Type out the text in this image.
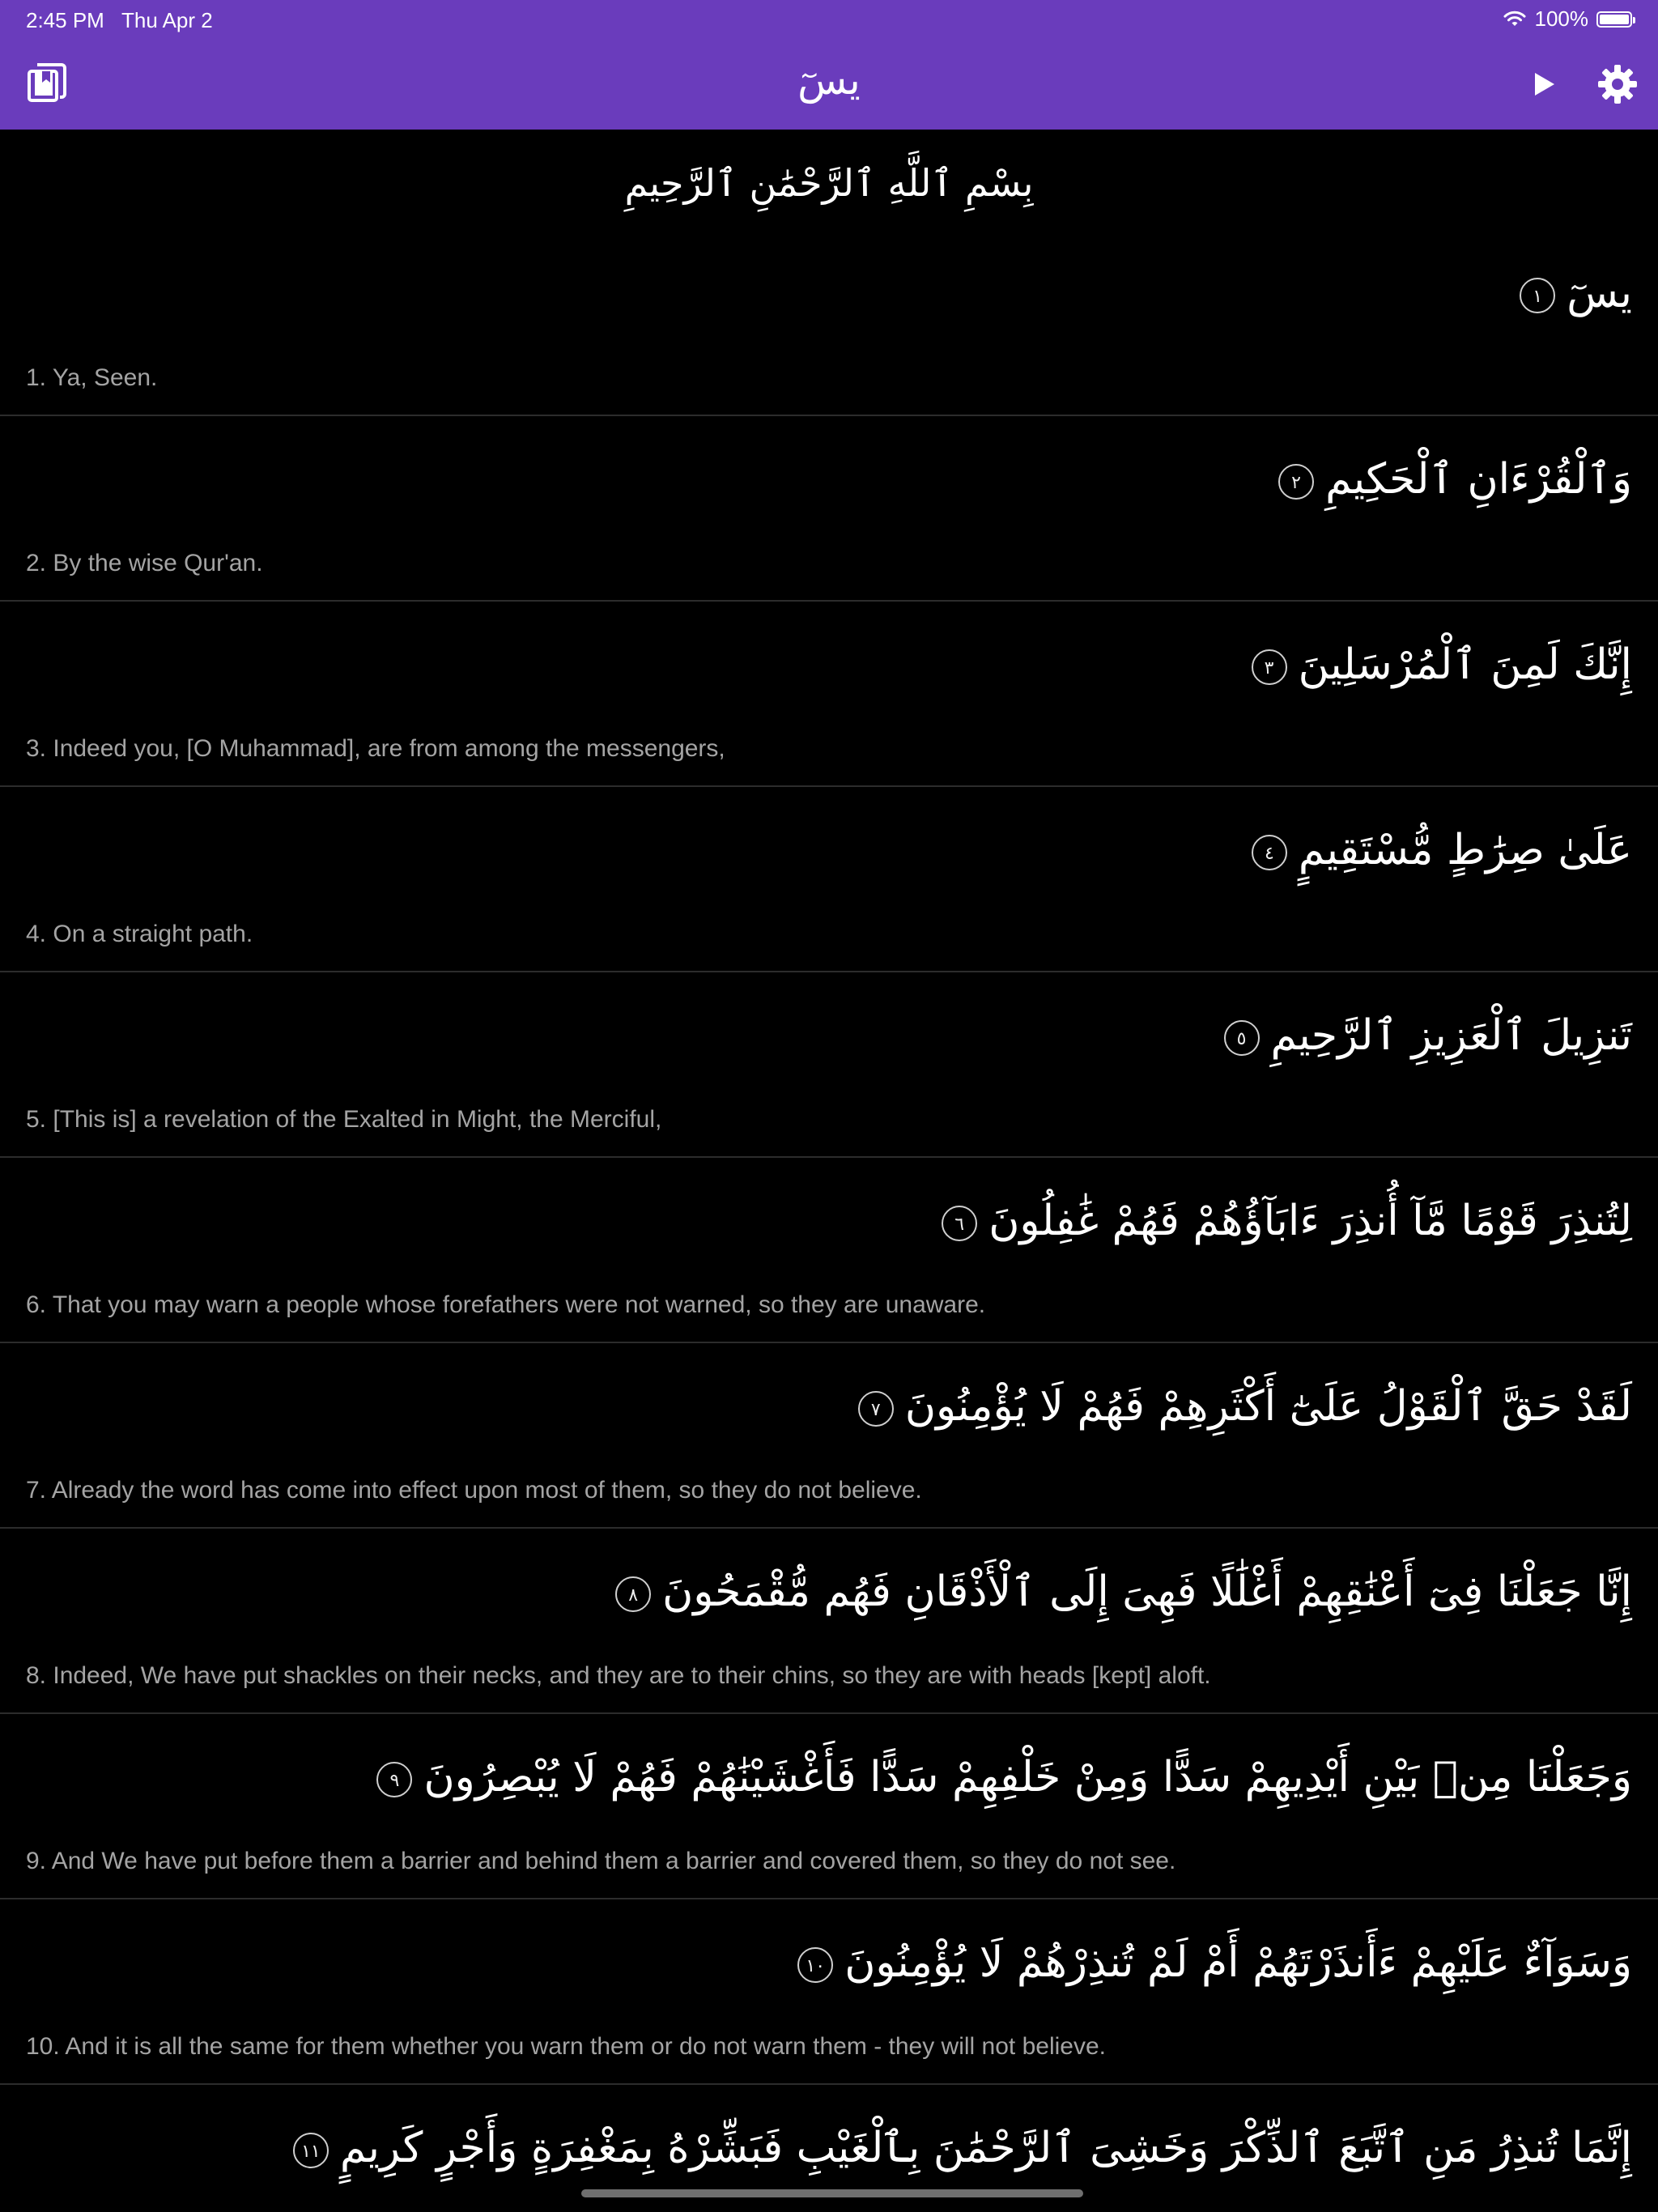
2:45 PM Thu Apr 2	100%
يسٓ
بِسْمِ ٱللَّهِ ٱلرَّحْمَٰنِ ٱلرَّحِيمِ
يسٓ١
1. Ya, Seen.
وَٱلْقُرْءَانِ ٱلْحَكِيمِ٢
2. By the wise Qur'an.
إِنَّكَ لَمِنَ ٱلْمُرْسَلِينَ٣
3. Indeed you, [O Muhammad], are from among the messengers,
عَلَىٰ صِرَٰطٍ مُّسْتَقِيمٍ٤
4. On a straight path.
تَنزِيلَ ٱلْعَزِيزِ ٱلرَّحِيمِ٥
5. [This is] a revelation of the Exalted in Might, the Merciful,
لِتُنذِرَ قَوْمًا مَّآ أُنذِرَ ءَابَآؤُهُمْ فَهُمْ غَٰفِلُونَ٦
6. That you may warn a people whose forefathers were not warned, so they are unaware.
لَقَدْ حَقَّ ٱلْقَوْلُ عَلَىٰٓ أَكْثَرِهِمْ فَهُمْ لَا يُؤْمِنُونَ٧
7. Already the word has come into effect upon most of them, so they do not believe.
إِنَّا جَعَلْنَا فِىٓ أَعْنَٰقِهِمْ أَغْلَٰلًا فَهِىَ إِلَى ٱلْأَذْقَانِ فَهُم مُّقْمَحُونَ٨
8. Indeed, We have put shackles on their necks, and they are to their chins, so they are with heads [kept] aloft.
وَجَعَلْنَا مِنۢ بَيْنِ أَيْدِيهِمْ سَدًّا وَمِنْ خَلْفِهِمْ سَدًّا فَأَغْشَيْنَٰهُمْ فَهُمْ لَا يُبْصِرُونَ٩
9. And We have put before them a barrier and behind them a barrier and covered them, so they do not see.
وَسَوَآءٌ عَلَيْهِمْ ءَأَنذَرْتَهُمْ أَمْ لَمْ تُنذِرْهُمْ لَا يُؤْمِنُونَ١٠
10. And it is all the same for them whether you warn them or do not warn them - they will not believe.
إِنَّمَا تُنذِرُ مَنِ ٱتَّبَعَ ٱلذِّكْرَ وَخَشِىَ ٱلرَّحْمَٰنَ بِٱلْغَيْبِ فَبَشِّرْهُ بِمَغْفِرَةٍ وَأَجْرٍ كَرِيمٍ١١
